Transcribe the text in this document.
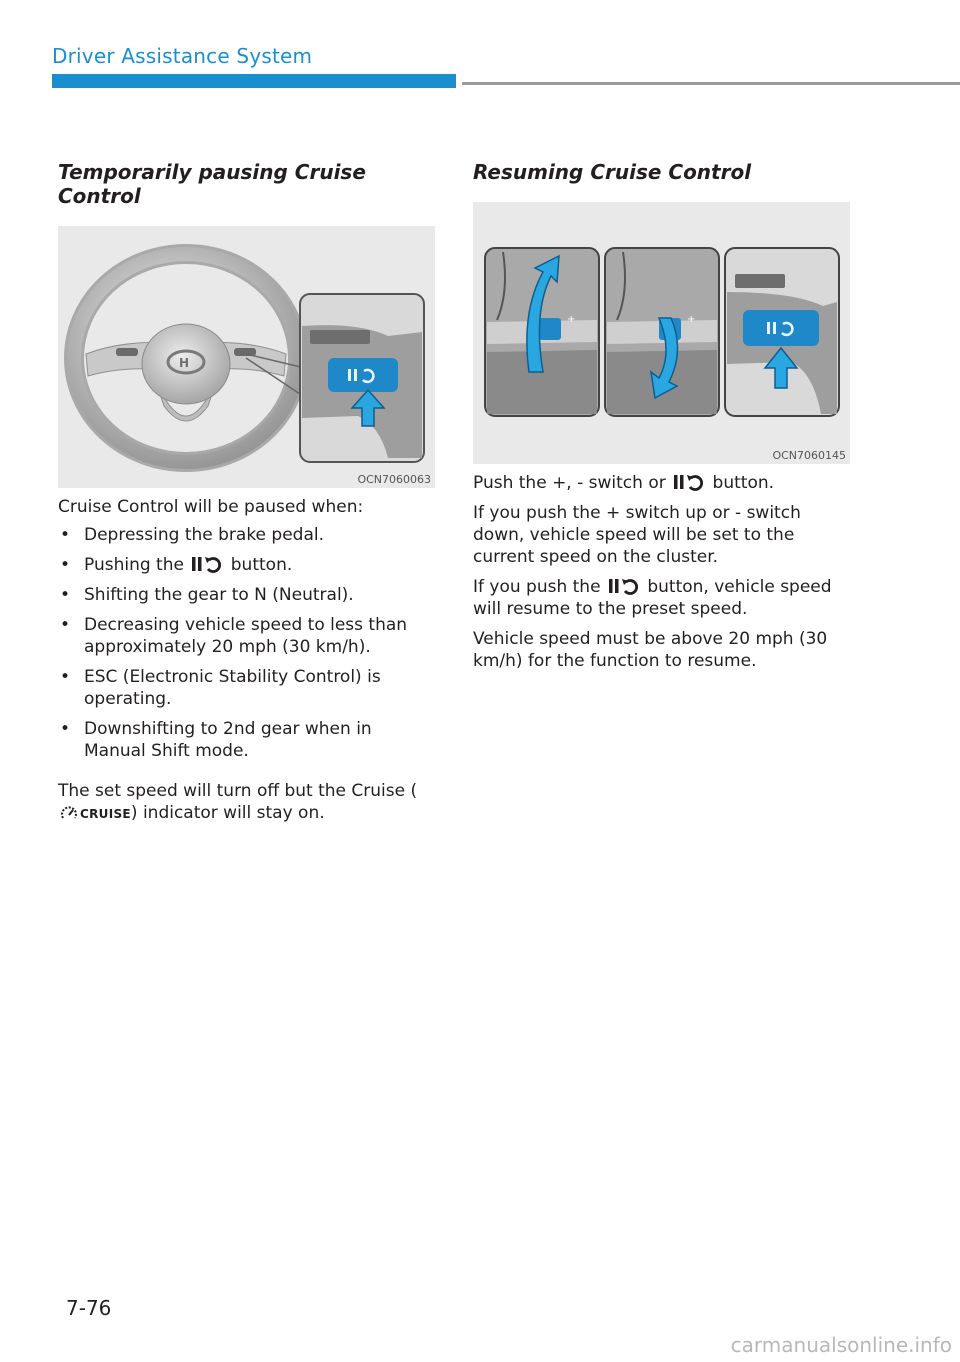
Driver Assistance System
Temporarily pausing Cruise Control
H
OCN7060063

Cruise Control will be paused when:

• Depressing the brake pedal.
• Pushing the	button.
• Shifting the gear to N (Neutral).
• Decreasing vehicle speed to less than approximately 20 mph (30 km/h).
• ESC (Electronic Stability Control) is operating.
• Downshifting to 2nd gear when in Manual Shift mode.

The set speed will turn off but the Cruise (CRUISE) indicator will stay on.

Resuming Cruise Control
+	+
OCN7060145

Push the +, - switch or	button.

If you push the + switch up or - switch down, vehicle speed will be set to the current speed on the cluster.

If you push the	button, vehicle speed will resume to the preset speed.

Vehicle speed must be above 20 mph (30 km/h) for the function to resume.

7-76
carmanualsonline.info
